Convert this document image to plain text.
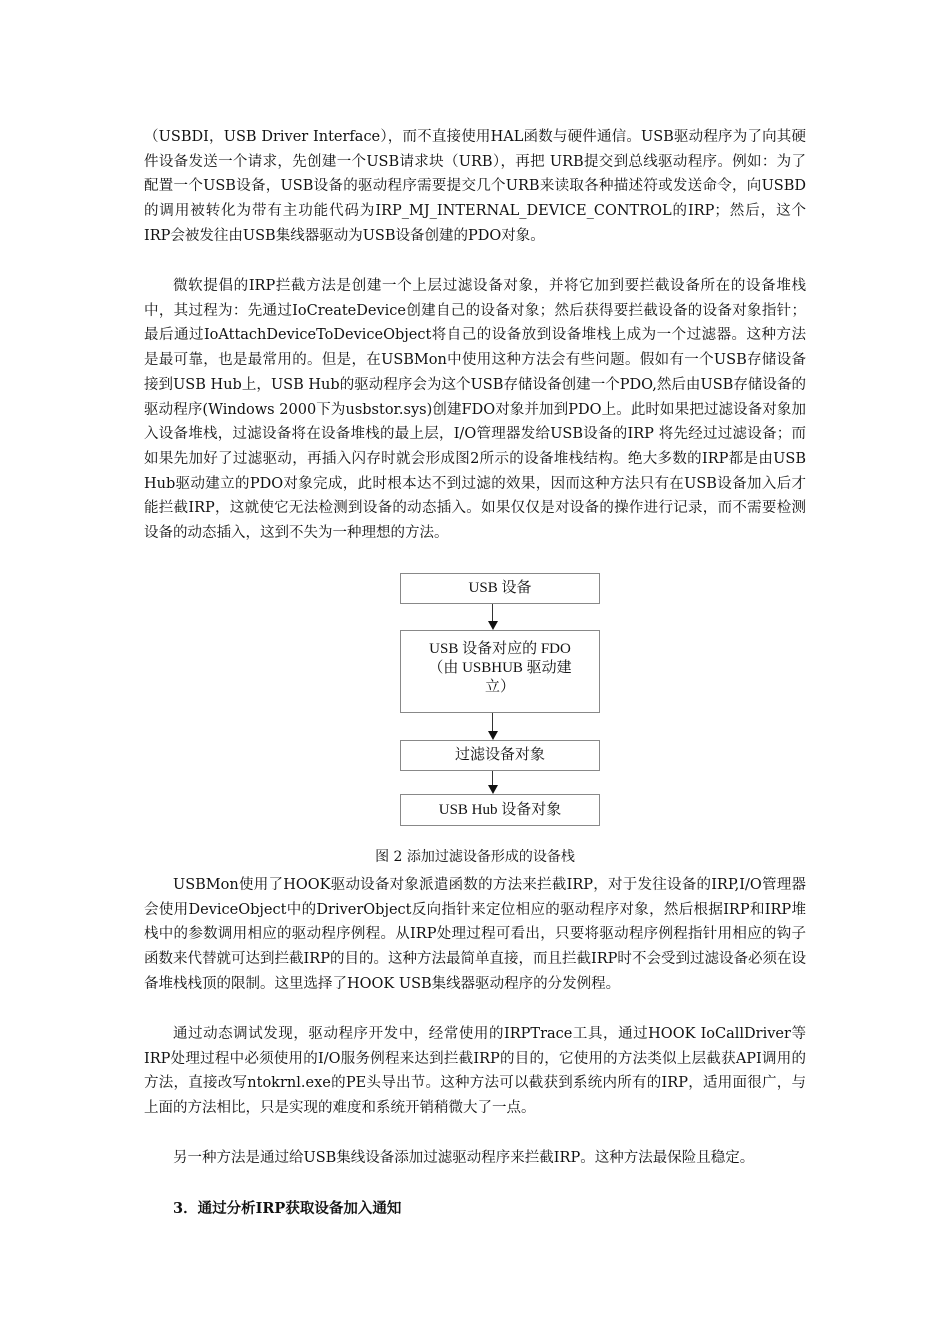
（USBDI，USB Driver Interface），而不直接使用HAL函数与硬件通信。USB驱动程序为了向其硬件设备发送一个请求，先创建一个USB请求块（URB），再把 URB提交到总线驱动程序。例如：为了配置一个USB设备，USB设备的驱动程序需要提交几个URB来读取各种描述符或发送命令，向USBD的调用被转化为带有主功能代码为IRP_MJ_INTERNAL_DEVICE_CONTROL的IRP；然后，这个IRP会被发往由USB集线器驱动为USB设备创建的PDO对象。

微软提倡的IRP拦截方法是创建一个上层过滤设备对象，并将它加到要拦截设备所在的设备堆栈中，其过程为：先通过IoCreateDevice创建自己的设备对象；然后获得要拦截设备的设备对象指针；最后通过IoAttachDeviceToDeviceObject将自己的设备放到设备堆栈上成为一个过滤器。这种方法是最可靠，也是最常用的。但是，在USBMon中使用这种方法会有些问题。假如有一个USB存储设备接到USB Hub上，USB Hub的驱动程序会为这个USB存储设备创建一个PDO,然后由USB存储设备的驱动程序(Windows 2000下为usbstor.sys)创建FDO对象并加到PDO上。此时如果把过滤设备对象加入设备堆栈，过滤设备将在设备堆栈的最上层，I/O管理器发给USB设备的IRP 将先经过过滤设备；而如果先加好了过滤驱动，再插入闪存时就会形成图2所示的设备堆栈结构。绝大多数的IRP都是由USB Hub驱动建立的PDO对象完成，此时根本达不到过滤的效果，因而这种方法只有在USB设备加入后才能拦截IRP，这就使它无法检测到设备的动态插入。如果仅仅是对设备的操作进行记录，而不需要检测设备的动态插入，这到不失为一种理想的方法。

USB 设备
USB 设备对应的 FDO
（由 USBHUB 驱动建立）
过滤设备对象
USB Hub 设备对象
图 2 添加过滤设备形成的设备栈

USBMon使用了HOOK驱动设备对象派遣函数的方法来拦截IRP，对于发往设备的IRP,I/O管理器会使用DeviceObject中的DriverObject反向指针来定位相应的驱动程序对象，然后根据IRP和IRP堆栈中的参数调用相应的驱动程序例程。从IRP处理过程可看出，只要将驱动程序例程指针用相应的钩子函数来代替就可达到拦截IRP的目的。这种方法最简单直接，而且拦截IRP时不会受到过滤设备必须在设备堆栈栈顶的限制。这里选择了HOOK USB集线器驱动程序的分发例程。

通过动态调试发现，驱动程序开发中，经常使用的IRPTrace工具，通过HOOK IoCallDriver等IRP处理过程中必须使用的I/O服务例程来达到拦截IRP的目的，它使用的方法类似上层截获API调用的方法，直接改写ntokrnl.exe的PE头导出节。这种方法可以截获到系统内所有的IRP，适用面很广，与上面的方法相比，只是实现的难度和系统开销稍微大了一点。

另一种方法是通过给USB集线设备添加过滤驱动程序来拦截IRP。这种方法最保险且稳定。

3．通过分析IRP获取设备加入通知
